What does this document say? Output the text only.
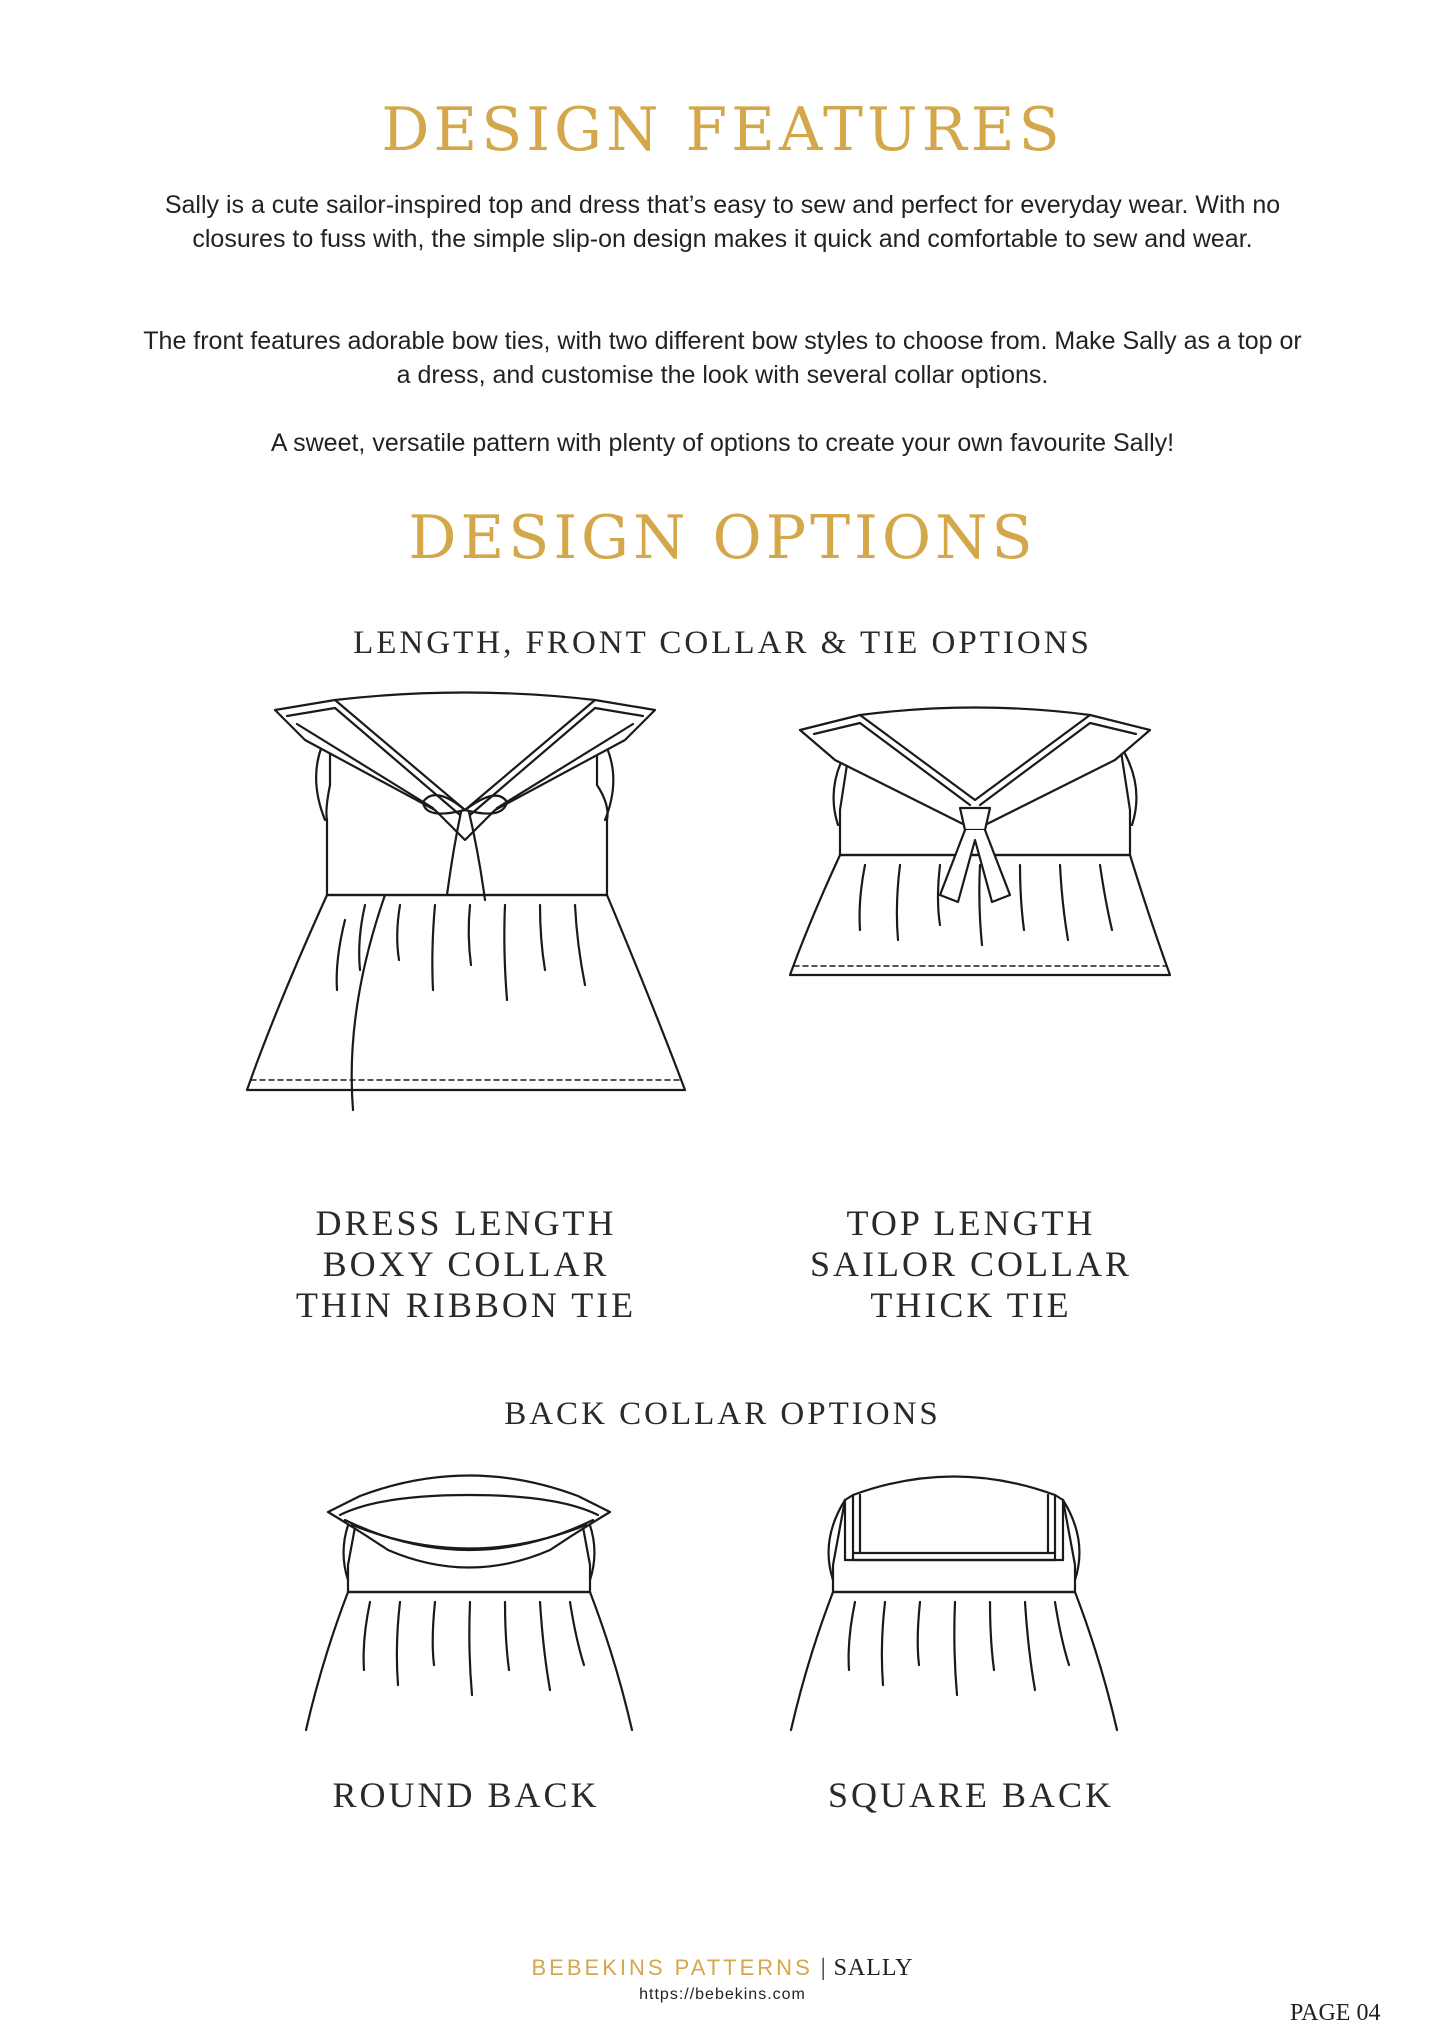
DESIGN FEATURES

Sally is a cute sailor-inspired top and dress that’s easy to sew and perfect for everyday wear. With no closures to fuss with, the simple slip-on design makes it quick and comfortable to sew and wear.

The front features adorable bow ties, with two different bow styles to choose from. Make Sally as a top or a dress, and customise the look with several collar options.

A sweet, versatile pattern with plenty of options to create your own favourite Sally!

DESIGN OPTIONS

LENGTH, FRONT COLLAR & TIE OPTIONS

DRESS LENGTH
BOXY COLLAR
THIN RIBBON TIE
TOP LENGTH
SAILOR COLLAR
THICK TIE

BACK COLLAR OPTIONS

ROUND BACK	SQUARE BACK
BEBEKINS PATTERNS | SALLY
https://bebekins.com
PAGE 04
